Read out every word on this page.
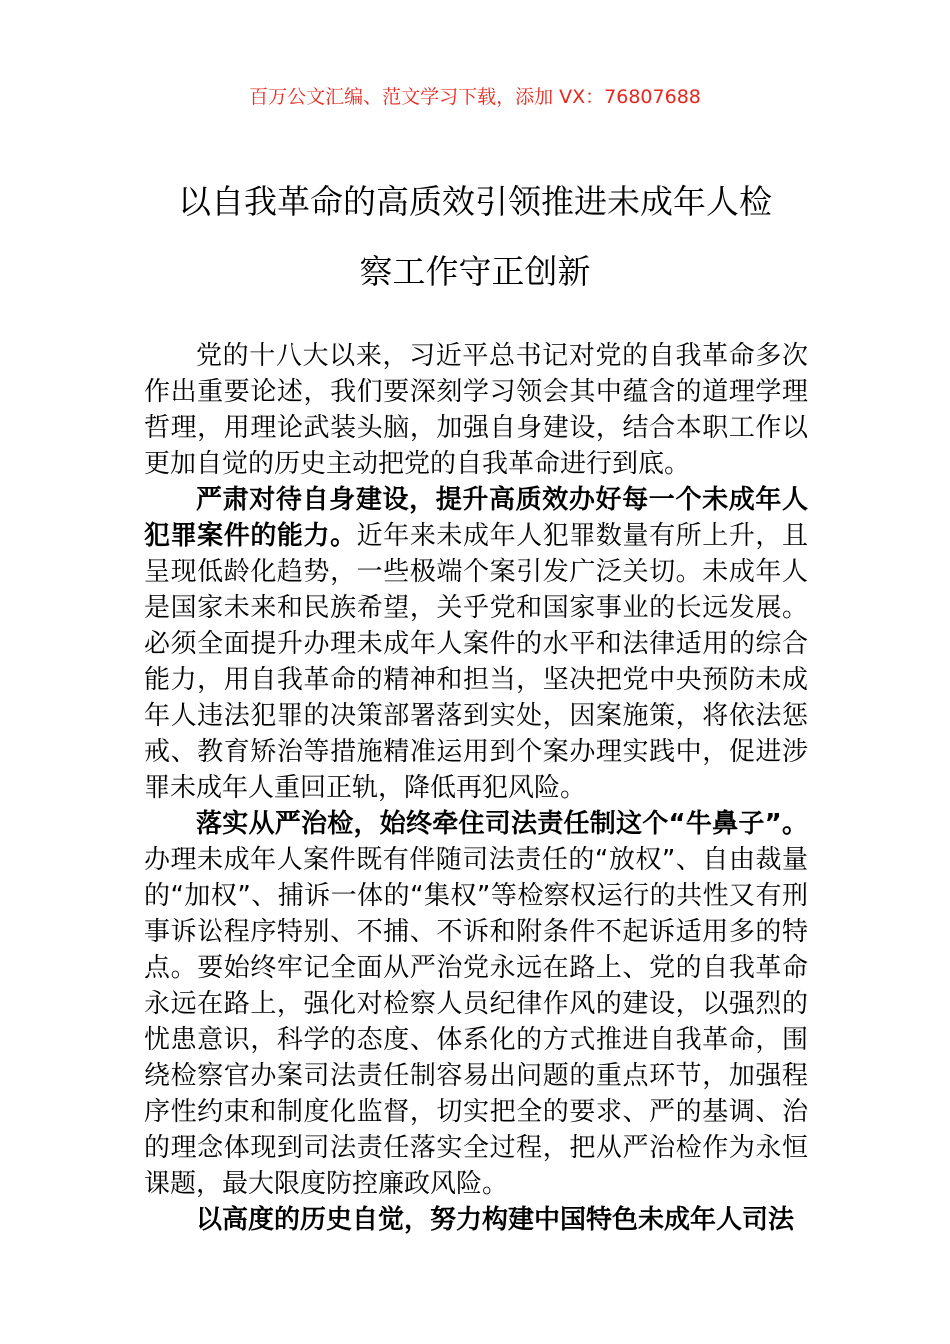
百万公文汇编、范文学习下载，添加 VX：76807688
以自我革命的高质效引领推进未成年人检
察工作守正创新

党的十八大以来，习近平总书记对党的自我革命多次作出重要论述，我们要深刻学习领会其中蕴含的道理学理哲理，用理论武装头脑，加强自身建设，结合本职工作以更加自觉的历史主动把党的自我革命进行到底。

严肃对待自身建设，提升高质效办好每一个未成年人犯罪案件的能力。近年来未成年人犯罪数量有所上升，且呈现低龄化趋势，一些极端个案引发广泛关切。未成年人是国家未来和民族希望，关乎党和国家事业的长远发展。必须全面提升办理未成年人案件的水平和法律适用的综合能力，用自我革命的精神和担当，坚决把党中央预防未成年人违法犯罪的决策部署落到实处，因案施策，将依法惩戒、教育矫治等措施精准运用到个案办理实践中，促进涉罪未成年人重回正轨，降低再犯风险。

落实从严治检，始终牵住司法责任制这个“牛鼻子”。办理未成年人案件既有伴随司法责任的“放权”、自由裁量的“加权”、捕诉一体的“集权”等检察权运行的共性又有刑事诉讼程序特别、不捕、不诉和附条件不起诉适用多的特点。要始终牢记全面从严治党永远在路上、党的自我革命永远在路上，强化对检察人员纪律作风的建设，以强烈的忧患意识，科学的态度、体系化的方式推进自我革命，围绕检察官办案司法责任制容易出问题的重点环节，加强程序性约束和制度化监督，切实把全的要求、严的基调、治的理念体现到司法责任落实全过程，把从严治检作为永恒课题，最大限度防控廉政风险。

以高度的历史自觉，努力构建中国特色未成年人司法
